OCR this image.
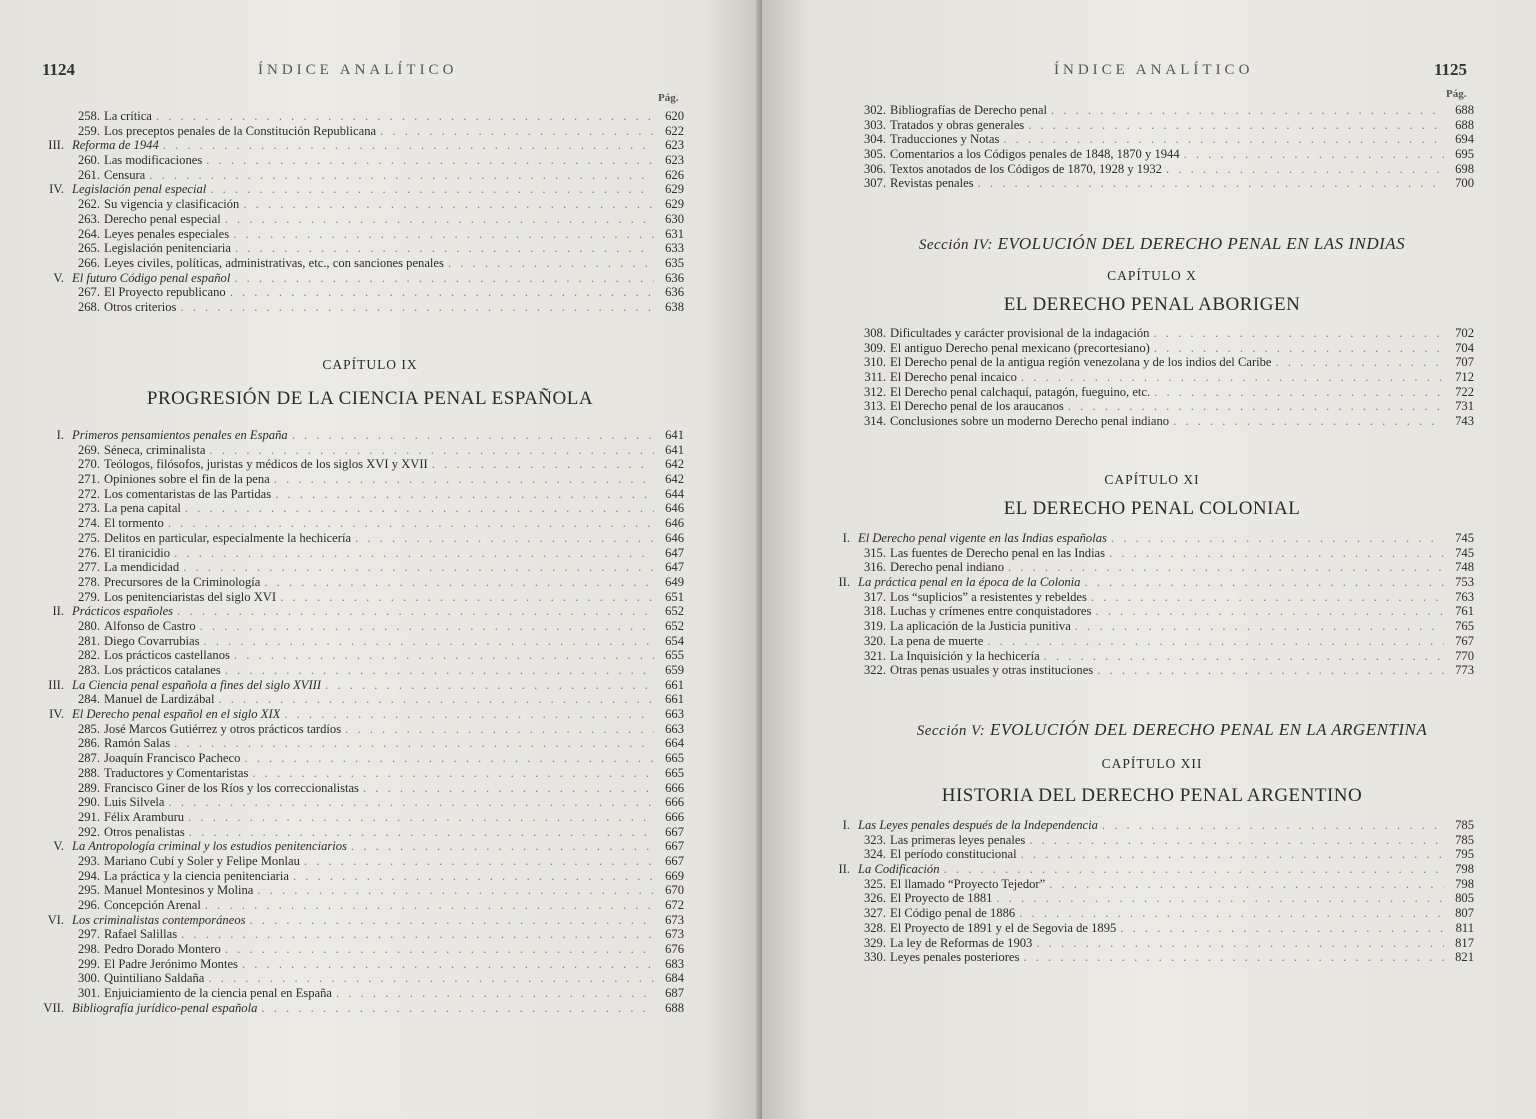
1124	ÍNDICE ANALÍTICO
Pág.
258. La crítica . . .	620
259. Los preceptos penales de la Constitución Republicana . . .	622
III. Reforma de 1944 . . .	623
260. Las modificaciones . . .	623
261. Censura . . .	626
IV. Legislación penal especial . . .	629
262. Su vigencia y clasificación . . .	629
263. Derecho penal especial . . .	630
264. Leyes penales especiales . . .	631
265. Legislación penitenciaria . . .	633
266. Leyes civiles, políticas, administrativas, etc., con sanciones penales . . .	635
V. El futuro Código penal español . . .	636
267. El Proyecto republicano . . .	636
268. Otros criterios . . .	638
CAPÍTULO IX
PROGRESIÓN DE LA CIENCIA PENAL ESPAÑOLA
I. Primeros pensamientos penales en España . . .	641
269. Séneca, criminalista . . .	641
270. Teólogos, filósofos, juristas y médicos de los siglos XVI y XVII . . .	642
271. Opiniones sobre el fin de la pena . . .	642
272. Los comentaristas de las Partidas . . .	644
273. La pena capital . . .	646
274. El tormento . . .	646
275. Delitos en particular, especialmente la hechicería . . .	646
276. El tiranicidio . . .	647
277. La mendicidad . . .	647
278. Precursores de la Criminología . . .	649
279. Los penitenciaristas del siglo XVI . . .	651
II. Prácticos españoles . . .	652
280. Alfonso de Castro . . .	652
281. Diego Covarrubias . . .	654
282. Los prácticos castellanos . . .	655
283. Los prácticos catalanes . . .	659
III. La Ciencia penal española a fines del siglo XVIII . . .	661
284. Manuel de Lardizábal . . .	661
IV. El Derecho penal español en el siglo XIX . . .	663
285. José Marcos Gutiérrez y otros prácticos tardíos . . .	663
286. Ramón Salas . . .	664
287. Joaquín Francisco Pacheco . . .	665
288. Traductores y Comentaristas . . .	665
289. Francisco Giner de los Ríos y los correccionalistas . . .	666
290. Luis Silvela . . .	666
291. Félix Aramburu . . .	666
292. Otros penalistas . . .	667
V. La Antropología criminal y los estudios penitenciarios . . .	667
293. Mariano Cubí y Soler y Felipe Monlau . . .	667
294. La práctica y la ciencia penitenciaria . . .	669
295. Manuel Montesinos y Molina . . .	670
296. Concepción Arenal . . .	672
VI. Los criminalistas contemporáneos . . .	673
297. Rafael Salillas . . .	673
298. Pedro Dorado Montero . . .	676
299. El Padre Jerónimo Montes . . .	683
300. Quintiliano Saldaña . . .	684
301. Enjuiciamiento de la ciencia penal en España . . .	687
VII. Bibliografía jurídico-penal española . . .	688
ÍNDICE ANALÍTICO	1125
Pág.
302. Bibliografías de Derecho penal . . .	688
303. Tratados y obras generales . . .	688
304. Traducciones y Notas . . .	694
305. Comentarios a los Códigos penales de 1848, 1870 y 1944 . . .	695
306. Textos anotados de los Códigos de 1870, 1928 y 1932 . . .	698
307. Revistas penales . . .	700
Sección IV: EVOLUCIÓN DEL DERECHO PENAL EN LAS INDIAS
CAPÍTULO X
EL DERECHO PENAL ABORIGEN
308. Dificultades y carácter provisional de la indagación . . .	702
309. El antiguo Derecho penal mexicano (precortesiano) . . .	704
310. El Derecho penal de la antigua región venezolana y de los indios del Caribe . . .	707
311. El Derecho penal incaico . . .	712
312. El Derecho penal calchaquí, patagón, fueguino, etc. . . .	722
313. El Derecho penal de los araucanos . . .	731
314. Conclusiones sobre un moderno Derecho penal indiano . . .	743
CAPÍTULO XI
EL DERECHO PENAL COLONIAL
I. El Derecho penal vigente en las Indias españolas . . .	745
315. Las fuentes de Derecho penal en las Indias . . .	745
316. Derecho penal indiano . . .	748
II. La práctica penal en la época de la Colonia . . .	753
317. Los “suplicios” a resistentes y rebeldes . . .	763
318. Luchas y crímenes entre conquistadores . . .	761
319. La aplicación de la Justicia punitiva . . .	765
320. La pena de muerte . . .	767
321. La Inquisición y la hechicería . . .	770
322. Otras penas usuales y otras instituciones . . .	773
Sección V: EVOLUCIÓN DEL DERECHO PENAL EN LA ARGENTINA
CAPÍTULO XII
HISTORIA DEL DERECHO PENAL ARGENTINO
I. Las Leyes penales después de la Independencia . . .	785
323. Las primeras leyes penales . . .	785
324. El período constitucional . . .	795
II. La Codificación . . .	798
325. El llamado “Proyecto Tejedor” . . .	798
326. El Proyecto de 1881 . . .	805
327. El Código penal de 1886 . . .	807
328. El Proyecto de 1891 y el de Segovia de 1895 . . .	811
329. La ley de Reformas de 1903 . . .	817
330. Leyes penales posteriores . . .	821
